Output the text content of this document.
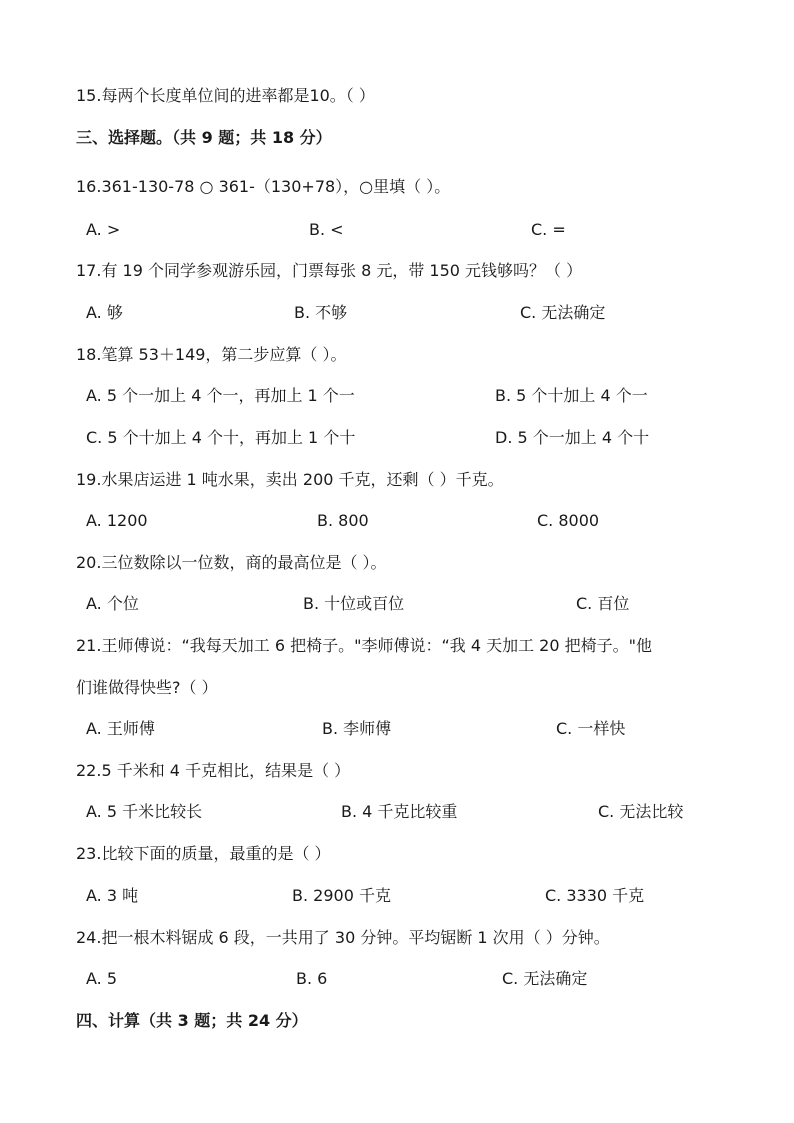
15.每两个长度单位间的进率都是10。（ ）
三、选择题。（共 9 题；共 18 分）
16.361-130-78 ○ 361-（130+78），○里填（ ）。
A. >	B. <	C. =
17.有 19 个同学参观游乐园，门票每张 8 元，带 150 元钱够吗？（ ）
A. 够	B. 不够	C. 无法确定
18.笔算 53＋149，第二步应算（ ）。
A. 5 个一加上 4 个一，再加上 1 个一	B. 5 个十加上 4 个一
C. 5 个十加上 4 个十，再加上 1 个十	D. 5 个一加上 4 个十
19.水果店运进 1 吨水果，卖出 200 千克，还剩（ ）千克。
A. 1200	B. 800	C. 8000
20.三位数除以一位数，商的最高位是（ ）。
A. 个位	B. 十位或百位	C. 百位
21.王师傅说：“我每天加工 6 把椅子。"李师傅说：“我 4 天加工 20 把椅子。"他
们谁做得快些?（ ）
A. 王师傅	B. 李师傅	C. 一样快
22.5 千米和 4 千克相比，结果是（ ）
A. 5 千米比较长	B. 4 千克比较重	C. 无法比较
23.比较下面的质量，最重的是（ ）
A. 3 吨	B. 2900 千克	C. 3330 千克
24.把一根木料锯成 6 段，一共用了 30 分钟。平均锯断 1 次用（ ）分钟。
A. 5	B. 6	C. 无法确定
四、计算（共 3 题；共 24 分）
